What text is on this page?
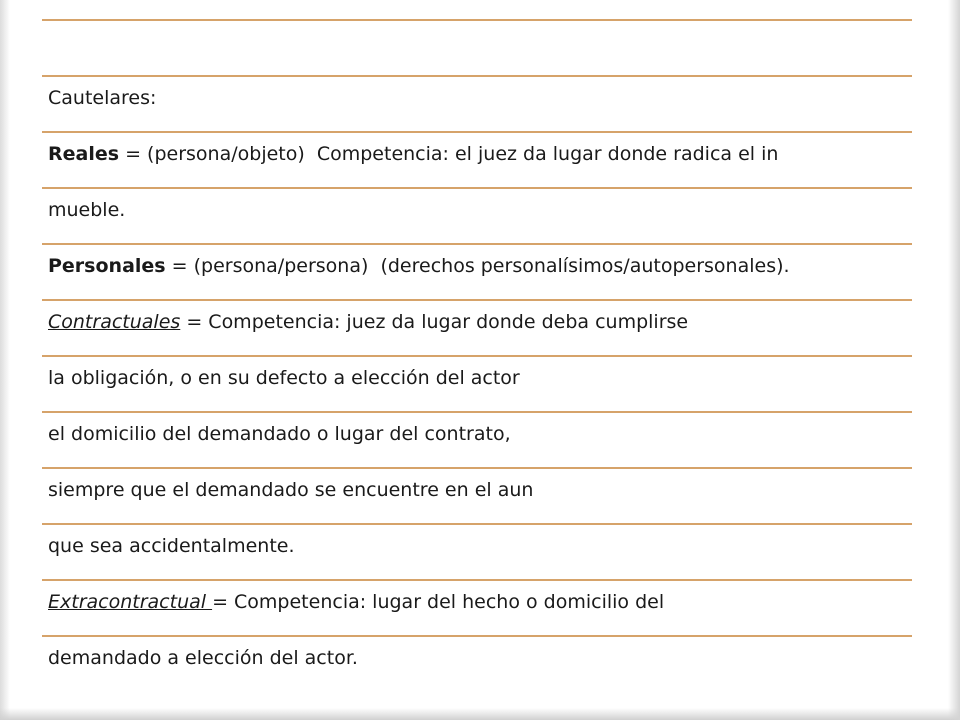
Cautelares:
Reales = (persona/objeto)  Competencia: el juez da lugar donde radica el in
mueble.
Personales = (persona/persona)  (derechos personalísimos/autopersonales).
Contractuales = Competencia: juez da lugar donde deba cumplirse
la obligación, o en su defecto a elección del actor
el domicilio del demandado o lugar del contrato,
siempre que el demandado se encuentre en el aun
que sea accidentalmente.
Extracontractual = Competencia: lugar del hecho o domicilio del
demandado a elección del actor.
